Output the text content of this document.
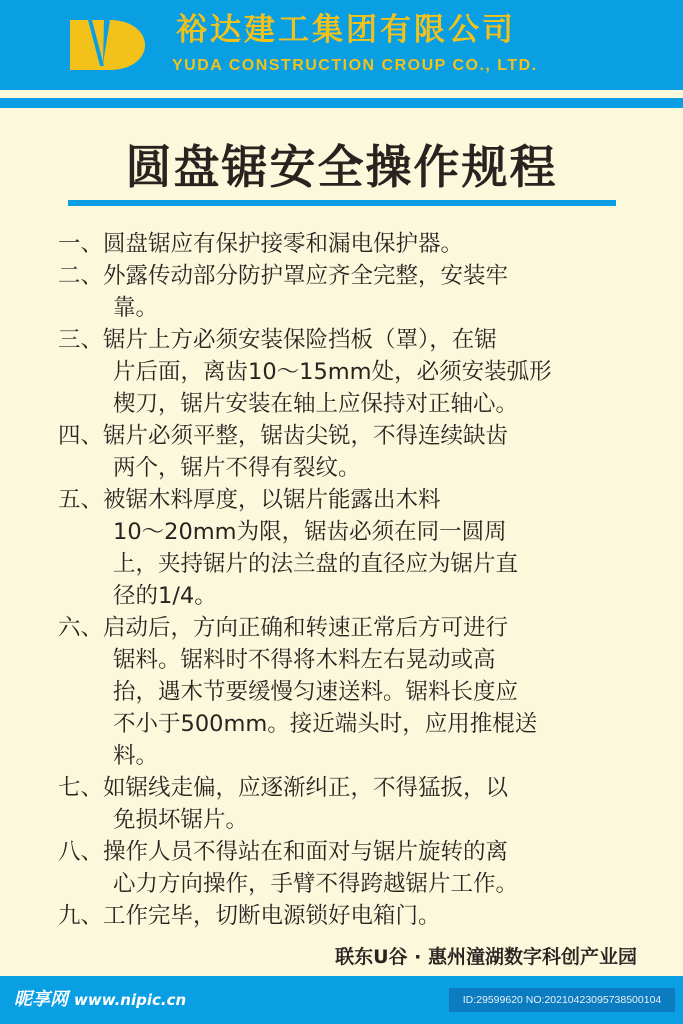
裕达建工集团有限公司
YUDA CONSTRUCTION CROUP CO., LTD.
圆盘锯安全操作规程
一、圆盘锯应有保护接零和漏电保护器。
二、外露传动部分防护罩应齐全完整，安装牢
靠。
三、锯片上方必须安装保险挡板（罩），在锯
片后面，离齿10～15mm处，必须安装弧形
楔刀，锯片安装在轴上应保持对正轴心。
四、锯片必须平整，锯齿尖锐，不得连续缺齿
两个，锯片不得有裂纹。
五、被锯木料厚度，以锯片能露出木料
10～20mm为限，锯齿必须在同一圆周
上，夹持锯片的法兰盘的直径应为锯片直
径的1/4。
六、启动后，方向正确和转速正常后方可进行
锯料。锯料时不得将木料左右晃动或高
抬，遇木节要缓慢匀速送料。锯料长度应
不小于500mm。接近端头时，应用推棍送
料。
七、如锯线走偏，应逐渐纠正，不得猛扳，以
免损坏锯片。
八、操作人员不得站在和面对与锯片旋转的离
心力方向操作，手臂不得跨越锯片工作。
九、工作完毕，切断电源锁好电箱门。
联东U谷 · 惠州潼湖数字科创产业园
昵享网 www.nipic.cn	ID:29599620 NO:20210423095738500104
